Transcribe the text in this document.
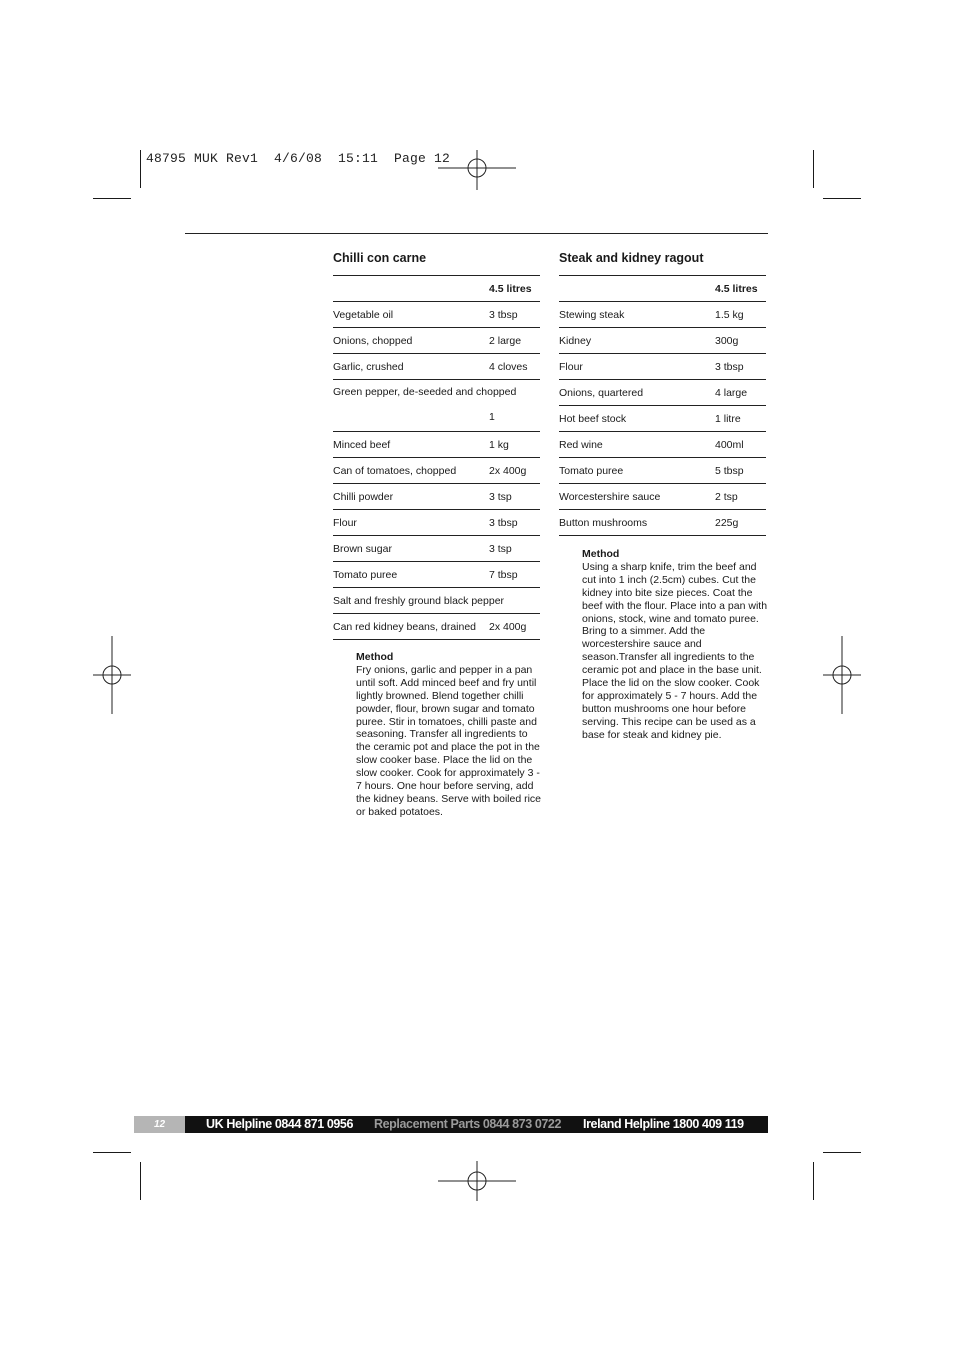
48795 MUK Rev1  4/6/08  15:11  Page 12
Chilli con carne
	4.5 litres
Vegetable oil	3 tbsp
Onions, chopped	2 large
Garlic, crushed	4 cloves

Green pepper, de-seeded and chopped
1	

Minced beef	1 kg
Can of tomatoes, chopped	2x 400g
Chilli powder	3 tsp
Flour	3 tbsp
Brown sugar	3 tsp
Tomato puree	7 tbsp
Salt and freshly ground black pepper	
Can red kidney beans, drained	2x 400g
Method
Fry onions, garlic and pepper in a pan until soft. Add minced beef and fry until lightly browned. Blend together chilli powder, flour, brown sugar and tomato puree. Stir in tomatoes, chilli paste and seasoning. Transfer all ingredients to the ceramic pot and place the pot in the slow cooker base. Place the lid on the slow cooker. Cook for approximately 3 - 7 hours. One hour before serving, add the kidney beans. Serve with boiled rice or baked potatoes.
Steak and kidney ragout
	4.5 litres
Stewing steak	1.5 kg
Kidney	300g
Flour	3 tbsp
Onions, quartered	4 large
Hot beef stock	1 litre
Red wine	400ml
Tomato puree	5 tbsp
Worcestershire sauce	2 tsp
Button mushrooms	225g
Method
Using a sharp knife, trim the beef and cut into 1 inch (2.5cm) cubes. Cut the kidney into bite size pieces. Coat the beef with the flour. Place into a pan with onions, stock, wine and tomato puree. Bring to a simmer. Add the worcestershire sauce and season.Transfer all ingredients to the ceramic pot and place in the base unit. Place the lid on the slow cooker. Cook for approximately 5 - 7 hours. Add the button mushrooms one hour before serving. This recipe can be used as a base for steak and kidney pie.
12	UK Helpline 0844 871 0956 Replacement Parts 0844 873 0722 Ireland Helpline 1800 409 119
